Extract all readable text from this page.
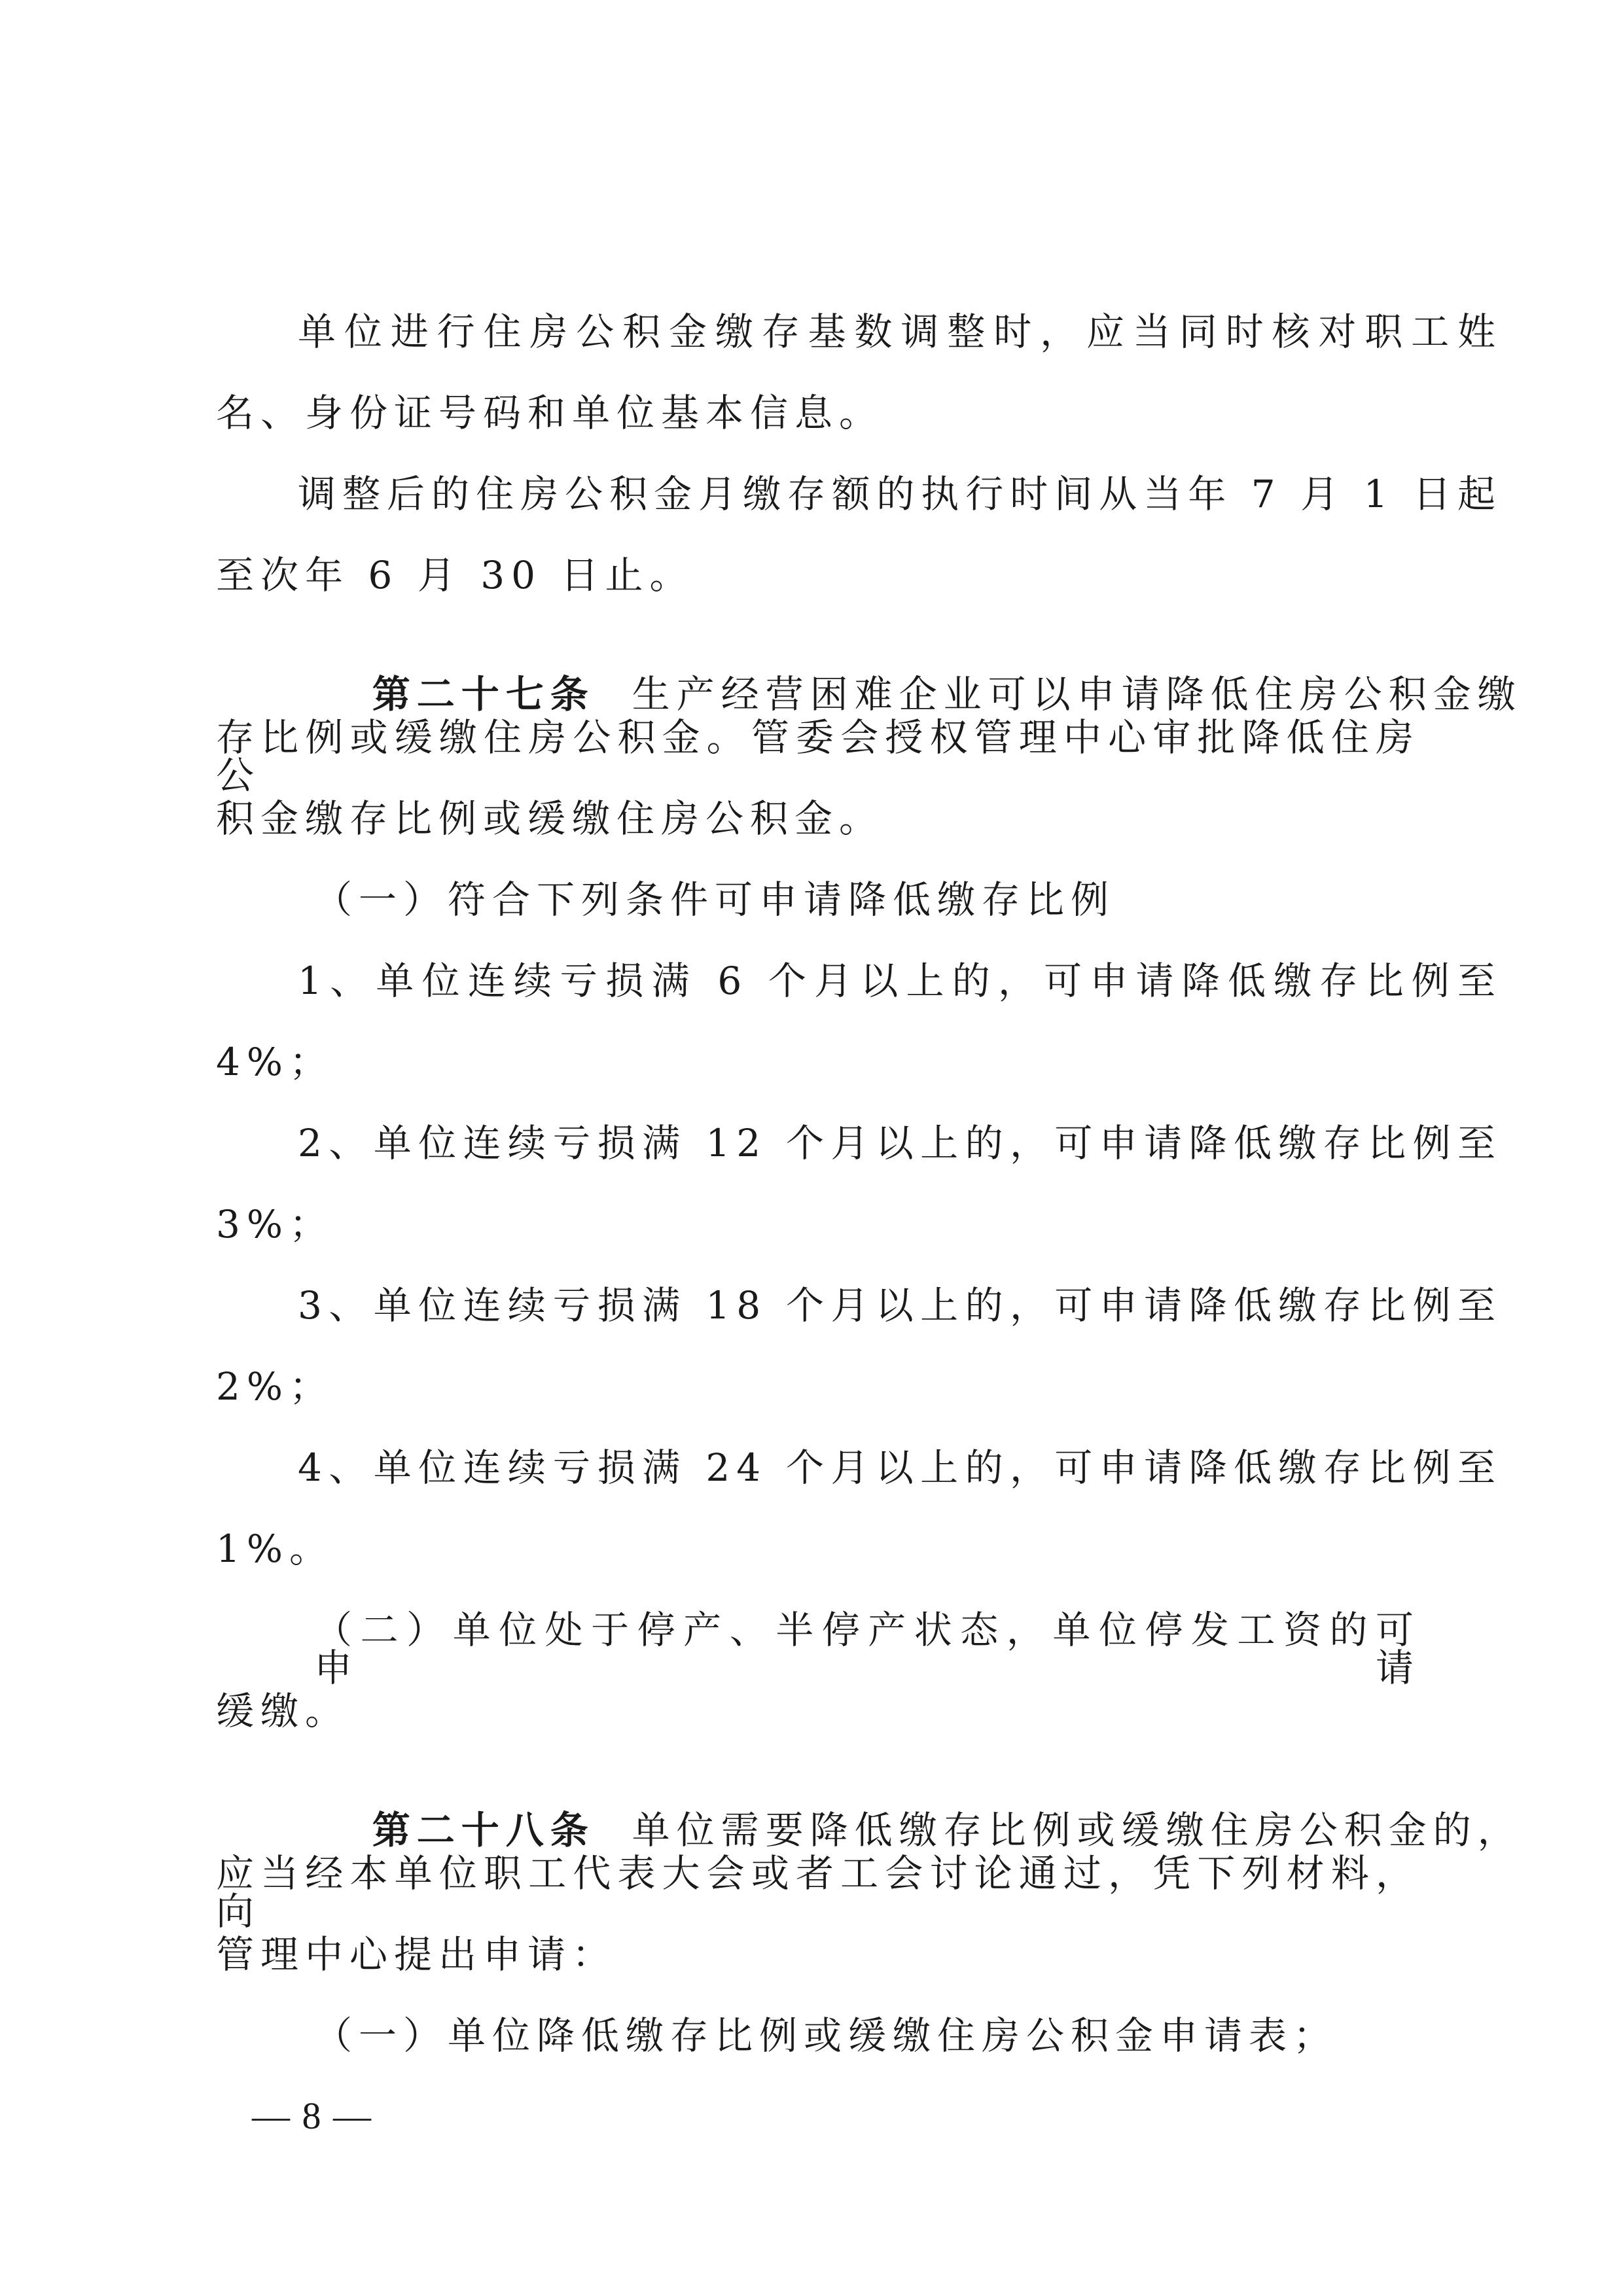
单位进行住房公积金缴存基数调整时，应当同时核对职工姓
名、身份证号码和单位基本信息。
调整后的住房公积金月缴存额的执行时间从当年 7 月 1 日起
至次年 6 月 30 日止。

第二十七条  生产经营困难企业可以申请降低住房公积金缴

存比例或缓缴住房公积金。管委会授权管理中心审批降低住房公
积金缴存比例或缓缴住房公积金。
（一）符合下列条件可申请降低缴存比例
1、单位连续亏损满 6 个月以上的，可申请降低缴存比例至
4%；
2、单位连续亏损满 12 个月以上的，可申请降低缴存比例至
3%；
3、单位连续亏损满 18 个月以上的，可申请降低缴存比例至
2%；
4、单位连续亏损满 24 个月以上的，可申请降低缴存比例至
1%。
（二）单位处于停产、半停产状态，单位停发工资的可申请
缓缴。

第二十八条  单位需要降低缴存比例或缓缴住房公积金的，

应当经本单位职工代表大会或者工会讨论通过，凭下列材料，向
管理中心提出申请：
（一）单位降低缴存比例或缓缴住房公积金申请表；
— 8 —
